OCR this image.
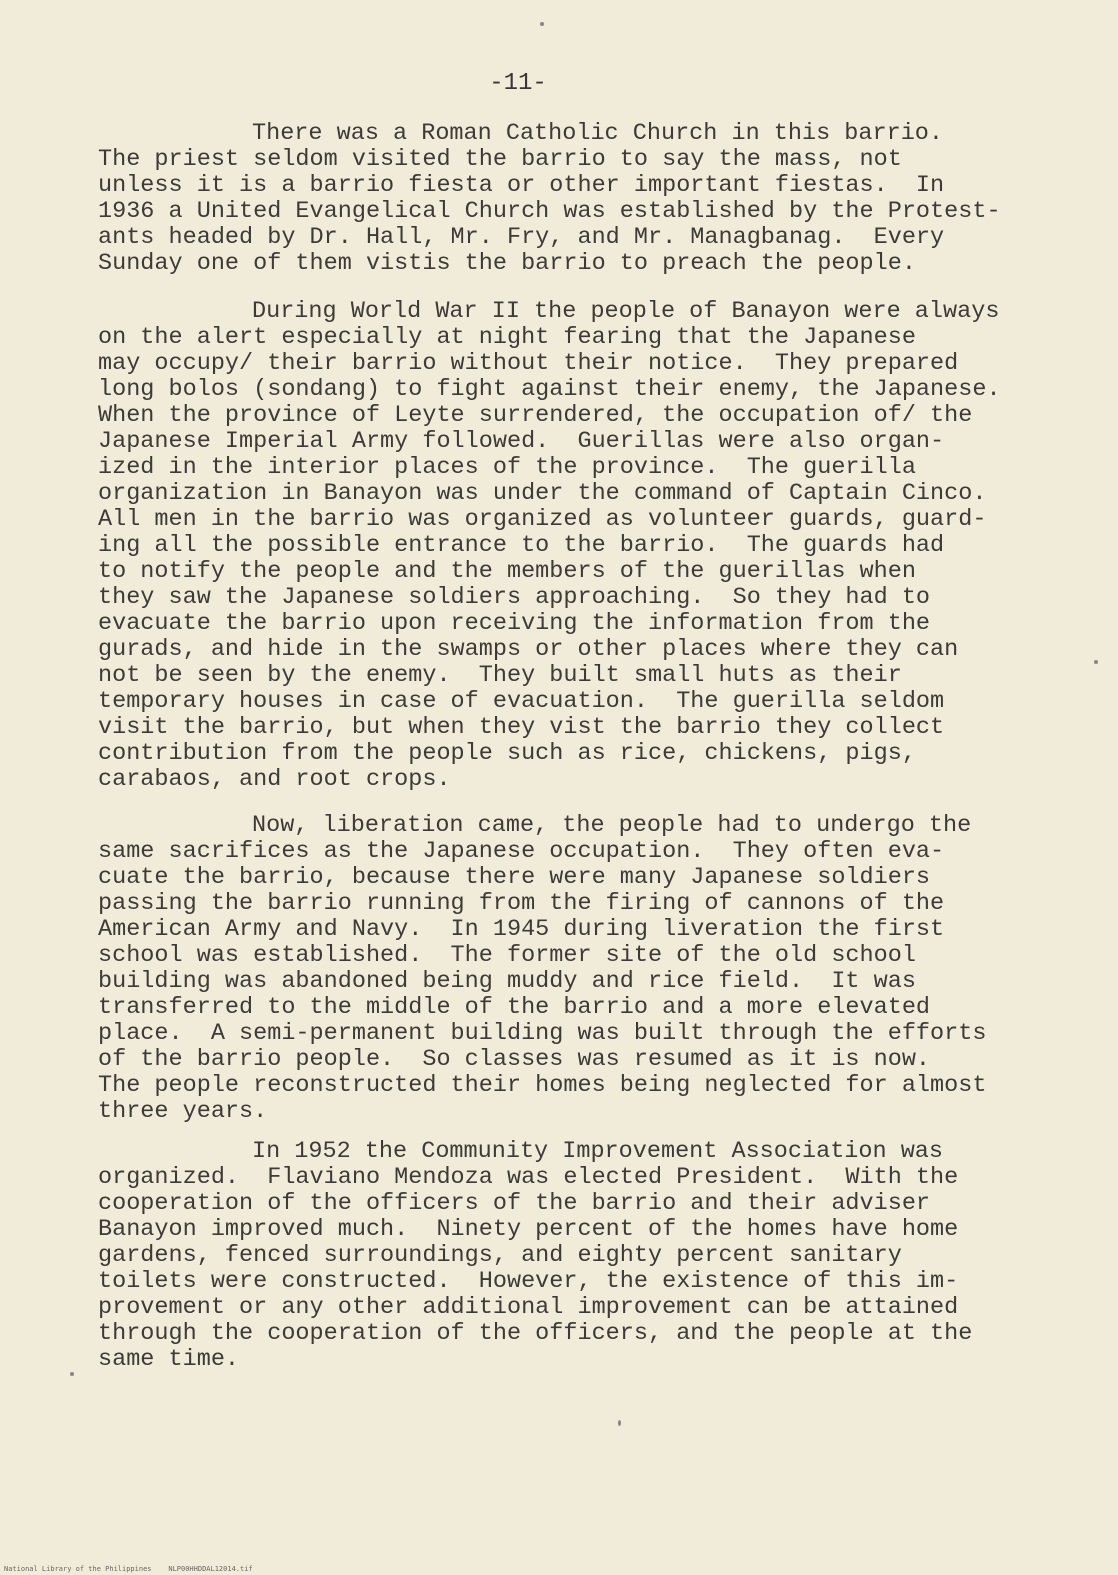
-11-
There was a Roman Catholic Church in this barrio.
The priest seldom visited the barrio to say the mass, not
unless it is a barrio fiesta or other important fiestas.  In
1936 a United Evangelical Church was established by the Protest-
ants headed by Dr. Hall, Mr. Fry, and Mr. Managbanag.  Every
Sunday one of them vistis the barrio to preach the people.
During World War II the people of Banayon were always
on the alert especially at night fearing that the Japanese
may occupy/ their barrio without their notice.  They prepared
long bolos (sondang) to fight against their enemy, the Japanese.
When the province of Leyte surrendered, the occupation of/ the
Japanese Imperial Army followed.  Guerillas were also organ-
ized in the interior places of the province.  The guerilla
organization in Banayon was under the command of Captain Cinco.
All men in the barrio was organized as volunteer guards, guard-
ing all the possible entrance to the barrio.  The guards had
to notify the people and the members of the guerillas when
they saw the Japanese soldiers approaching.  So they had to
evacuate the barrio upon receiving the information from the
gurads, and hide in the swamps or other places where they can
not be seen by the enemy.  They built small huts as their
temporary houses in case of evacuation.  The guerilla seldom
visit the barrio, but when they vist the barrio they collect
contribution from the people such as rice, chickens, pigs,
carabaos, and root crops.
Now, liberation came, the people had to undergo the
same sacrifices as the Japanese occupation.  They often eva-
cuate the barrio, because there were many Japanese soldiers
passing the barrio running from the firing of cannons of the
American Army and Navy.  In 1945 during liveration the first
school was established.  The former site of the old school
building was abandoned being muddy and rice field.  It was
transferred to the middle of the barrio and a more elevated
place.  A semi-permanent building was built through the efforts
of the barrio people.  So classes was resumed as it is now.
The people reconstructed their homes being neglected for almost
three years.
In 1952 the Community Improvement Association was
organized.  Flaviano Mendoza was elected President.  With the
cooperation of the officers of the barrio and their adviser
Banayon improved much.  Ninety percent of the homes have home
gardens, fenced surroundings, and eighty percent sanitary
toilets were constructed.  However, the existence of this im-
provement or any other additional improvement can be attained
through the cooperation of the officers, and the people at the
same time.
National Library of the Philippines    NLP00HHDDAL12014.tif
